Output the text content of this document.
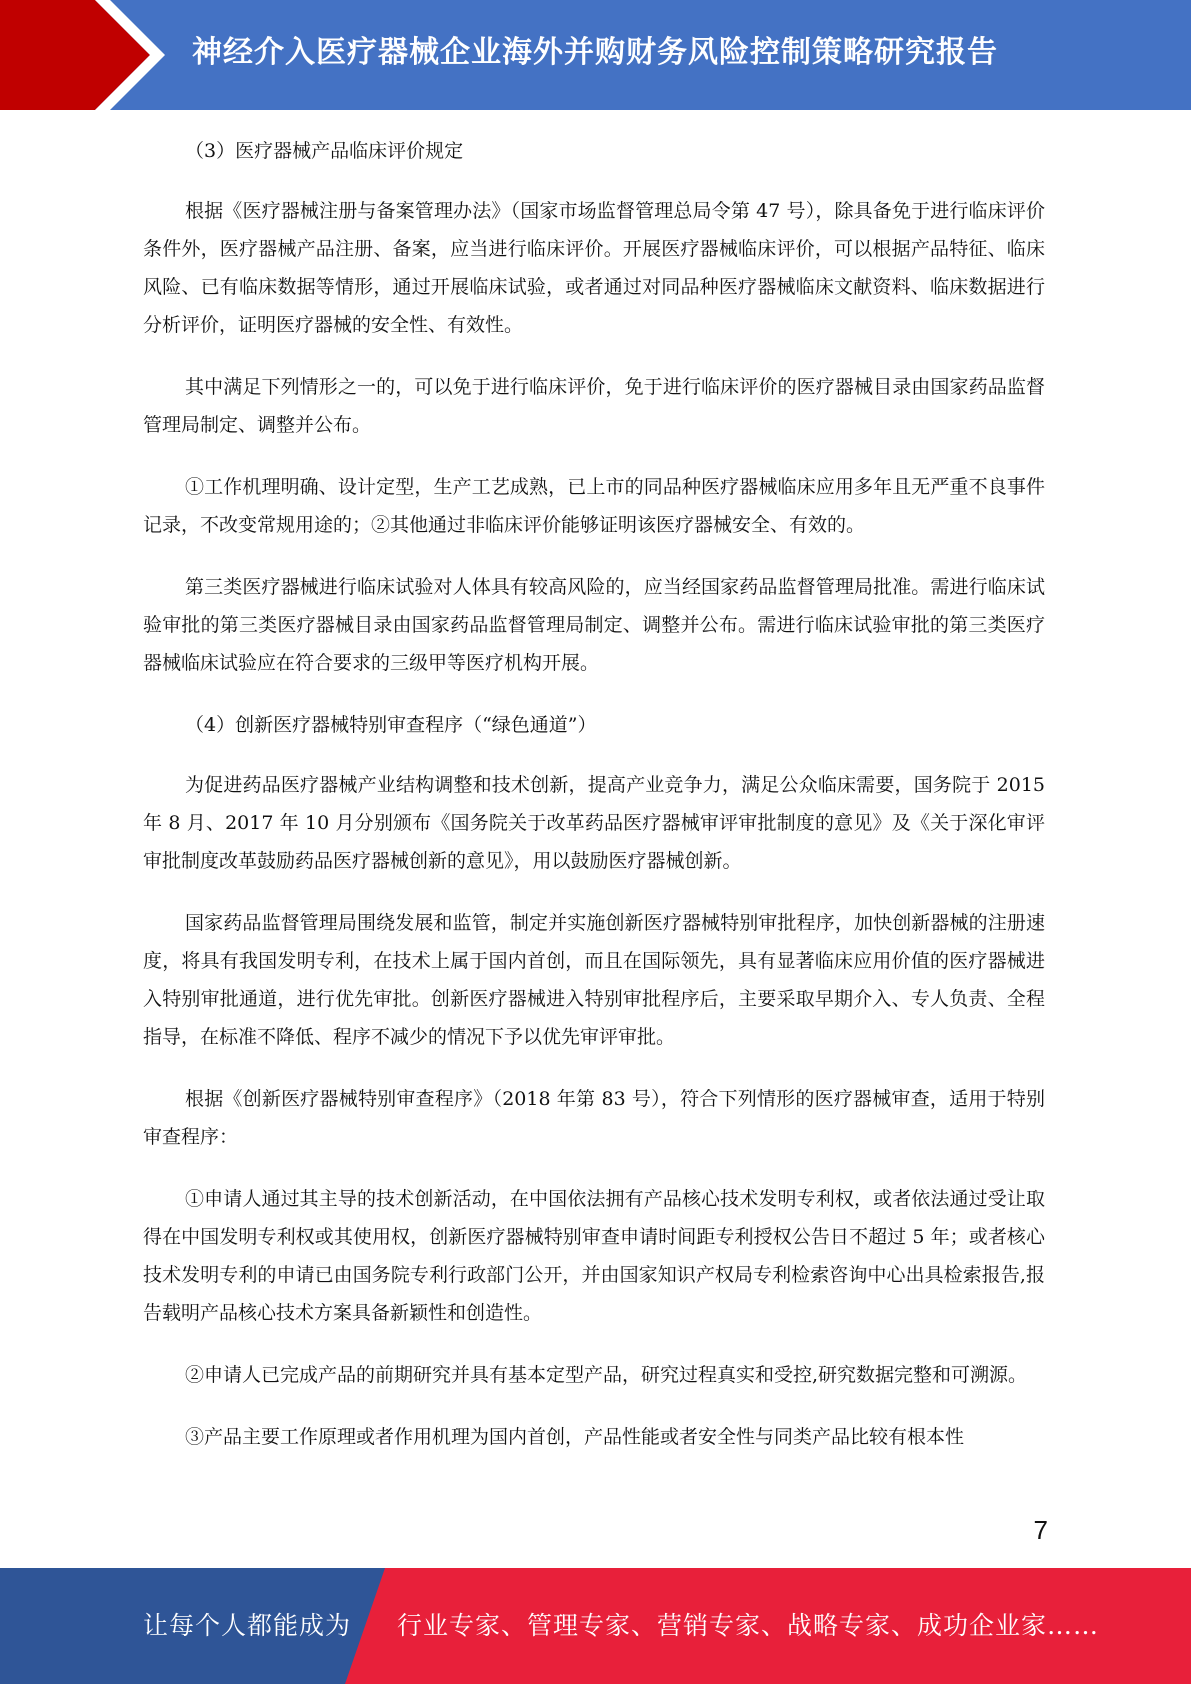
神经介入医疗器械企业海外并购财务风险控制策略研究报告

（3）医疗器械产品临床评价规定

根据《医疗器械注册与备案管理办法》（国家市场监督管理总局令第 47 号），除具备免于进行临床评价条件外，医疗器械产品注册、备案，应当进行临床评价。开展医疗器械临床评价，可以根据产品特征、临床风险、已有临床数据等情形，通过开展临床试验，或者通过对同品种医疗器械临床文献资料、临床数据进行分析评价，证明医疗器械的安全性、有效性。

其中满足下列情形之一的，可以免于进行临床评价，免于进行临床评价的医疗器械目录由国家药品监督管理局制定、调整并公布。

①工作机理明确、设计定型，生产工艺成熟，已上市的同品种医疗器械临床应用多年且无严重不良事件记录，不改变常规用途的；②其他通过非临床评价能够证明该医疗器械安全、有效的。

第三类医疗器械进行临床试验对人体具有较高风险的，应当经国家药品监督管理局批准。需进行临床试验审批的第三类医疗器械目录由国家药品监督管理局制定、调整并公布。需进行临床试验审批的第三类医疗器械临床试验应在符合要求的三级甲等医疗机构开展。

（4）创新医疗器械特别审查程序（“绿色通道”）

为促进药品医疗器械产业结构调整和技术创新，提高产业竞争力，满足公众临床需要，国务院于 2015 年 8 月、2017 年 10 月分别颁布《国务院关于改革药品医疗器械审评审批制度的意见》及《关于深化审评审批制度改革鼓励药品医疗器械创新的意见》，用以鼓励医疗器械创新。

国家药品监督管理局围绕发展和监管，制定并实施创新医疗器械特别审批程序，加快创新器械的注册速度，将具有我国发明专利，在技术上属于国内首创，而且在国际领先，具有显著临床应用价值的医疗器械进入特别审批通道，进行优先审批。创新医疗器械进入特别审批程序后，主要采取早期介入、专人负责、全程指导，在标准不降低、程序不减少的情况下予以优先审评审批。

根据《创新医疗器械特别审查程序》（2018 年第 83 号），符合下列情形的医疗器械审查，适用于特别审查程序：

①申请人通过其主导的技术创新活动，在中国依法拥有产品核心技术发明专利权，或者依法通过受让取得在中国发明专利权或其使用权，创新医疗器械特别审查申请时间距专利授权公告日不超过 5 年；或者核心技术发明专利的申请已由国务院专利行政部门公开，并由国家知识产权局专利检索咨询中心出具检索报告,报告载明产品核心技术方案具备新颖性和创造性。

②申请人已完成产品的前期研究并具有基本定型产品，研究过程真实和受控,研究数据完整和可溯源。

③产品主要工作原理或者作用机理为国内首创，产品性能或者安全性与同类产品比较有根本性

7
让每个人都能成为 行业专家、管理专家、营销专家、战略专家、成功企业家……
